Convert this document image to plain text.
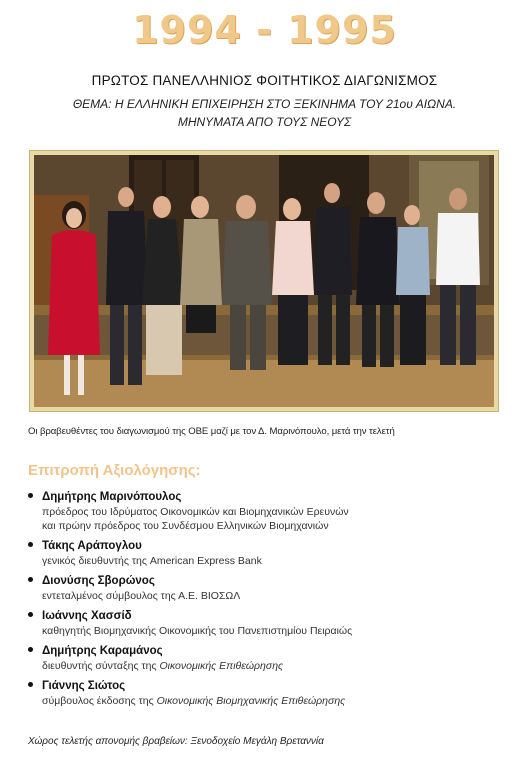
1994 - 1995
ΠΡΩΤΟΣ ΠΑΝΕΛΛΗΝΙΟΣ ΦΟΙΤΗΤΙΚΟΣ ΔΙΑΓΩΝΙΣΜΟΣ
ΘΕΜΑ: Η ΕΛΛΗΝΙΚΗ ΕΠΙΧΕΙΡΗΣΗ ΣΤΟ ΞΕΚΙΝΗΜΑ ΤΟΥ 21ου ΑΙΩΝΑ.
ΜΗΝΥΜΑΤΑ ΑΠΟ ΤΟΥΣ ΝΕΟΥΣ
Οι βραβευθέντες του διαγωνισμού της ΟΒΕ μαζί με τον Δ. Μαρινόπουλο, μετά την τελετή
Επιτροπή Αξιολόγησης:
Δημήτρης Μαρινόπουλος
πρόεδρος του Ιδρύματος Οικονομικών και Βιομηχανικών Ερευνών
και πρώην πρόεδρος του Συνδέσμου Ελληνικών Βιομηχανιών
Τάκης Αράπογλου
γενικός διευθυντής της American Express Bank
Διονύσης Σβορώνος
εντεταλμένος σύμβουλος της Α.Ε. ΒΙΟΣΩΛ
Ιωάννης Χασσίδ
καθηγητής Βιομηχανικής Οικονομικής του Πανεπιστημίου Πειραιώς
Δημήτρης Καραμάνος
διευθυντής σύνταξης της Οικονομικής Επιθεώρησης
Γιάννης Σιώτος
σύμβουλος έκδοσης της Οικονομικής Βιομηχανικής Επιθεώρησης
Χώρος τελετής απονομής βραβείων: Ξενοδοχείο Μεγάλη Βρεταννία
